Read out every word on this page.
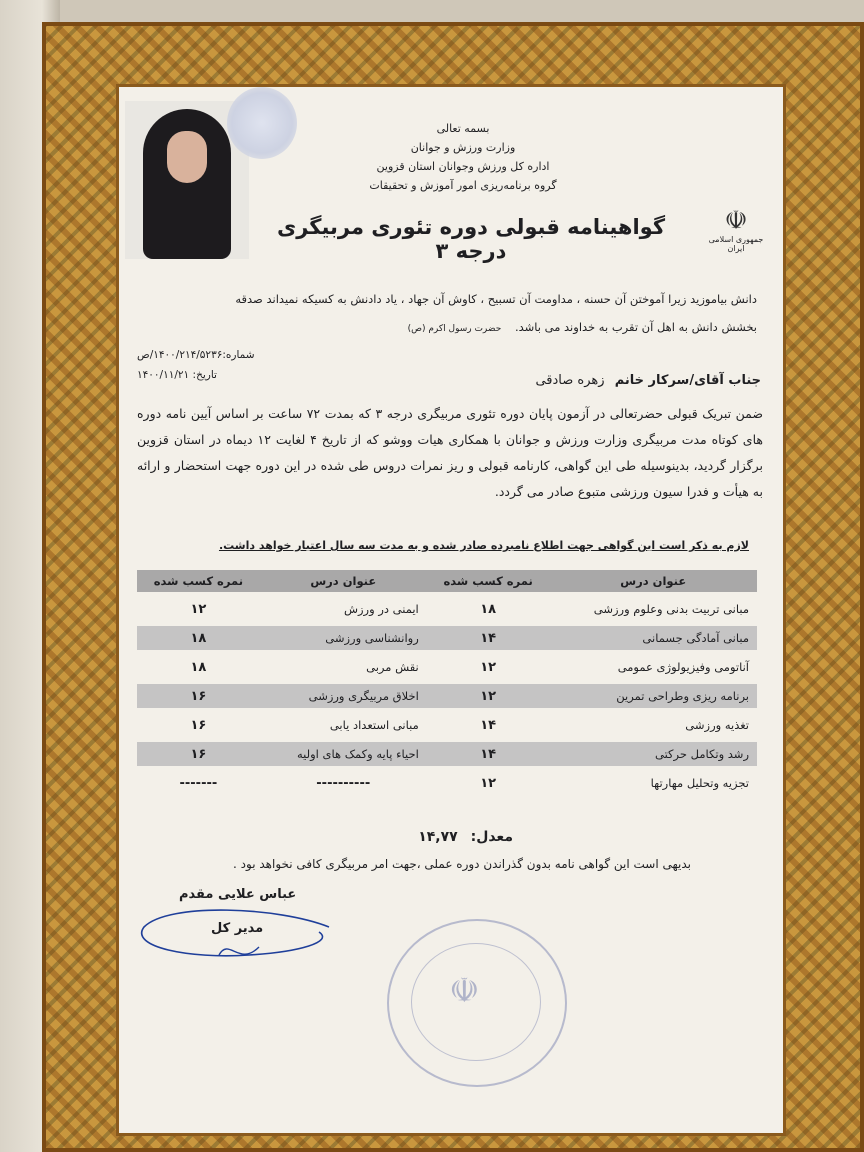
بسمه تعالی
وزارت ورزش و جوانان
اداره کل ورزش وجوانان استان قزوین
گروه برنامه‌ریزی امور آموزش و تحقیقات
☫
جمهوری اسلامی ایران
گواهینامه قبولی دوره تئوری مربیگری درجه ۳
دانش بیاموزید زیرا آموختن آن حسنه ، مداومت آن تسبیح ، کاوش آن جهاد ، یاد دادنش به کسیکه نمیداند صدقه
بخشش دانش به اهل آن تقرب به خداوند می باشد. حضرت رسول اکرم (ص)
شماره:۱۴۰۰/۲۱۴/۵۲۳۶/ص
تاریخ: ۱۴۰۰/۱۱/۲۱	جناب آقای/سرکار خانم زهره صادقی
ضمن تبریک قبولی حضرتعالی در آزمون پایان دوره تئوری مربیگری درجه ۳ که بمدت ۷۲ ساعت بر اساس آیین نامه دوره های کوتاه مدت مربیگری وزارت ورزش و جوانان با همکاری هیات ووشو که از تاریخ ۴ لغایت ۱۲ دیماه در استان قزوین برگزار گردید، بدینوسیله طی این گواهی، کارنامه قبولی و ریز نمرات دروس طی شده در این دوره جهت استحضار و ارائه به هیأت و فدرا سیون ورزشی متبوع صادر می گردد.
لازم به ذکر است این گواهی جهت اطلاع نامبرده صادر شده و به مدت سه سال اعتبار خواهد داشت.
عنوان درس	نمره کسب شده	عنوان درس	نمره کسب شده
مبانی تربیت بدنی وعلوم ورزشی	۱۸	ایمنی در ورزش	۱۲
مبانی آمادگی جسمانی	۱۴	روانشناسی ورزشی	۱۸
آناتومی وفیزیولوژی عمومی	۱۲	نقش مربی	۱۸
برنامه ریزی وطراحی تمرین	۱۲	اخلاق مربیگری ورزشی	۱۶
تغذیه ورزشی	۱۴	مبانی استعداد یابی	۱۶
رشد وتکامل حرکتی	۱۴	احیاء پایه وکمک های اولیه	۱۶
تجزیه وتحلیل مهارتها	۱۲	----------	-------
معدل: ۱۴,۷۷
بدیهی است این گواهی نامه بدون گذراندن دوره عملی ،جهت امر مربیگری کافی نخواهد بود .
عباس علایی مقدم
مدیر کل
☫
